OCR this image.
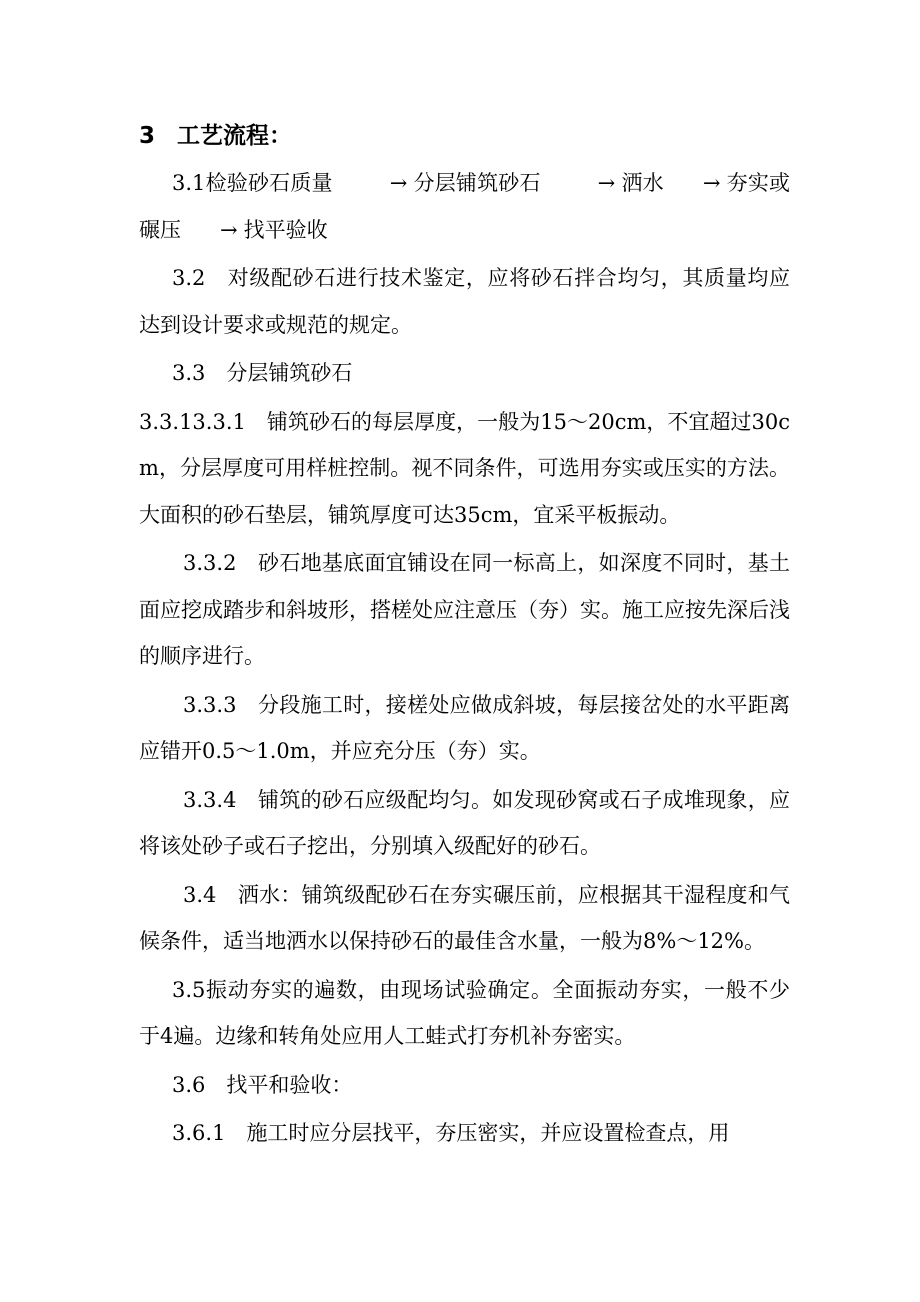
3 工艺流程：

3.1检验砂石质量	→ 分层铺筑砂石	→ 洒水 → 夯实或碾压 → 找平验收

3.2　 对级配砂石进行技术鉴定，应将砂石拌合均匀，其质量均应达到设计要求或规范的规定。

3.3　 分层铺筑砂石

3.3.13.3.1　 铺筑砂石的每层厚度，一般为15～20cm，不宜超过30cm，分层厚度可用样桩控制。视不同条件，可选用夯实或压实的方法。大面积的砂石垫层，铺筑厚度可达35cm，宜采平板振动。

3.3.2　 砂石地基底面宜铺设在同一标高上，如深度不同时，基土面应挖成踏步和斜坡形，搭槎处应注意压（夯）实。施工应按先深后浅的顺序进行。

3.3.3　 分段施工时，接槎处应做成斜坡，每层接岔处的水平距离应错开0.5～1.0m，并应充分压（夯）实。

3.3.4　 铺筑的砂石应级配均匀。如发现砂窝或石子成堆现象，应将该处砂子或石子挖出，分别填入级配好的砂石。

3.4　 洒水：铺筑级配砂石在夯实碾压前，应根据其干湿程度和气候条件，适当地洒水以保持砂石的最佳含水量，一般为8%～12%。

3.5振动夯实的遍数，由现场试验确定。全面振动夯实，一般不少于4遍。边缘和转角处应用人工蛙式打夯机补夯密实。

3.6　 找平和验收：

3.6.1　 施工时应分层找平，夯压密实，并应设置检查点，用
